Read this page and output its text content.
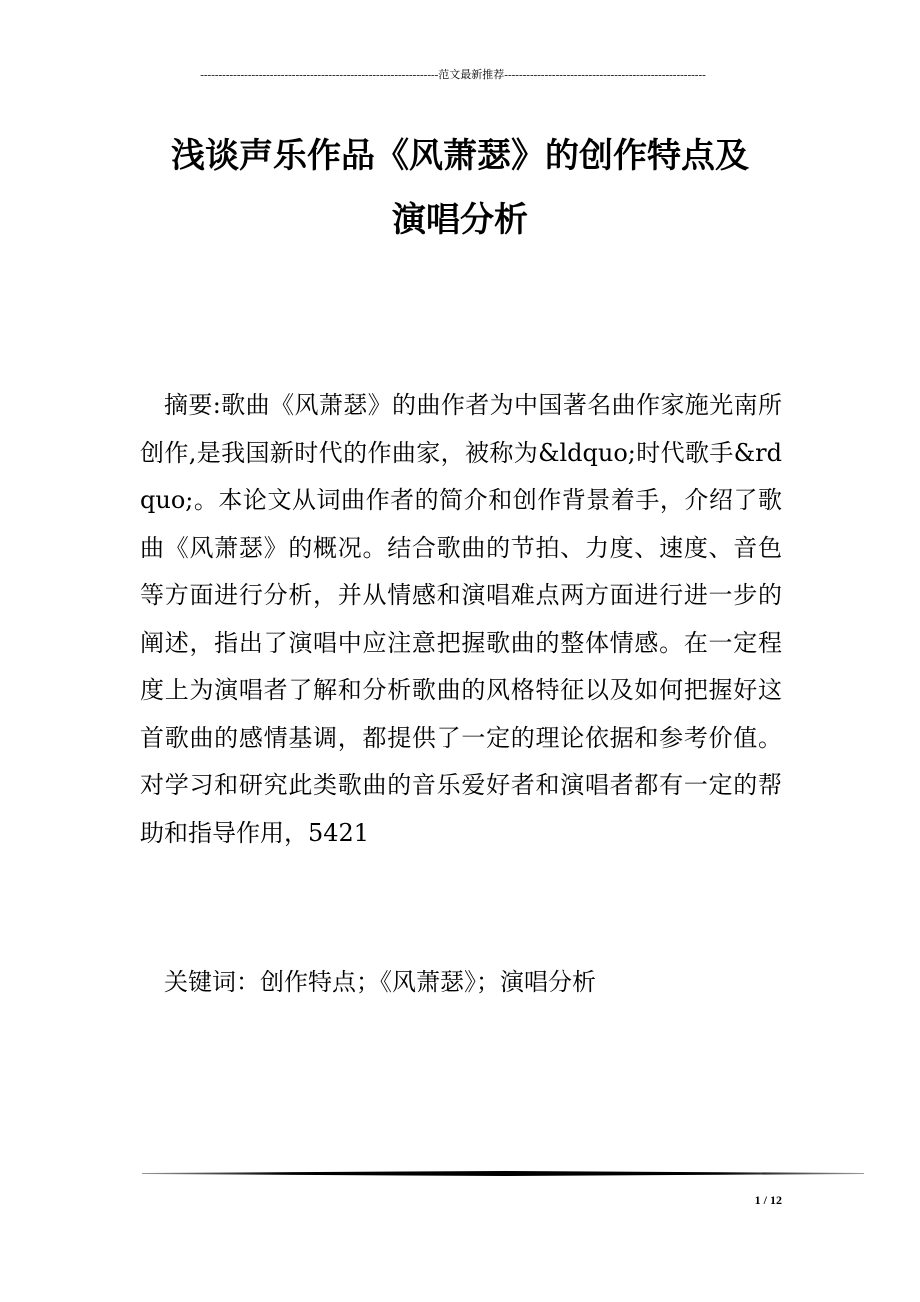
-----------------------------------------------------------------范文最新推荐-------------------------------------------------------
浅谈声乐作品《风萧瑟》的创作特点及
演唱分析
摘要:歌曲《风萧瑟》的曲作者为中国著名曲作家施光南所创作,是我国新时代的作曲家，被称为&ldquo;时代歌手&rdquo;。本论文从词曲作者的简介和创作背景着手，介绍了歌曲《风萧瑟》的概况。结合歌曲的节拍、力度、速度、音色等方面进行分析，并从情感和演唱难点两方面进行进一步的阐述，指出了演唱中应注意把握歌曲的整体情感。在一定程度上为演唱者了解和分析歌曲的风格特征以及如何把握好这首歌曲的感情基调，都提供了一定的理论依据和参考价值。对学习和研究此类歌曲的音乐爱好者和演唱者都有一定的帮助和指导作用，5421
关键词：创作特点；《风萧瑟》；演唱分析
1 / 12
